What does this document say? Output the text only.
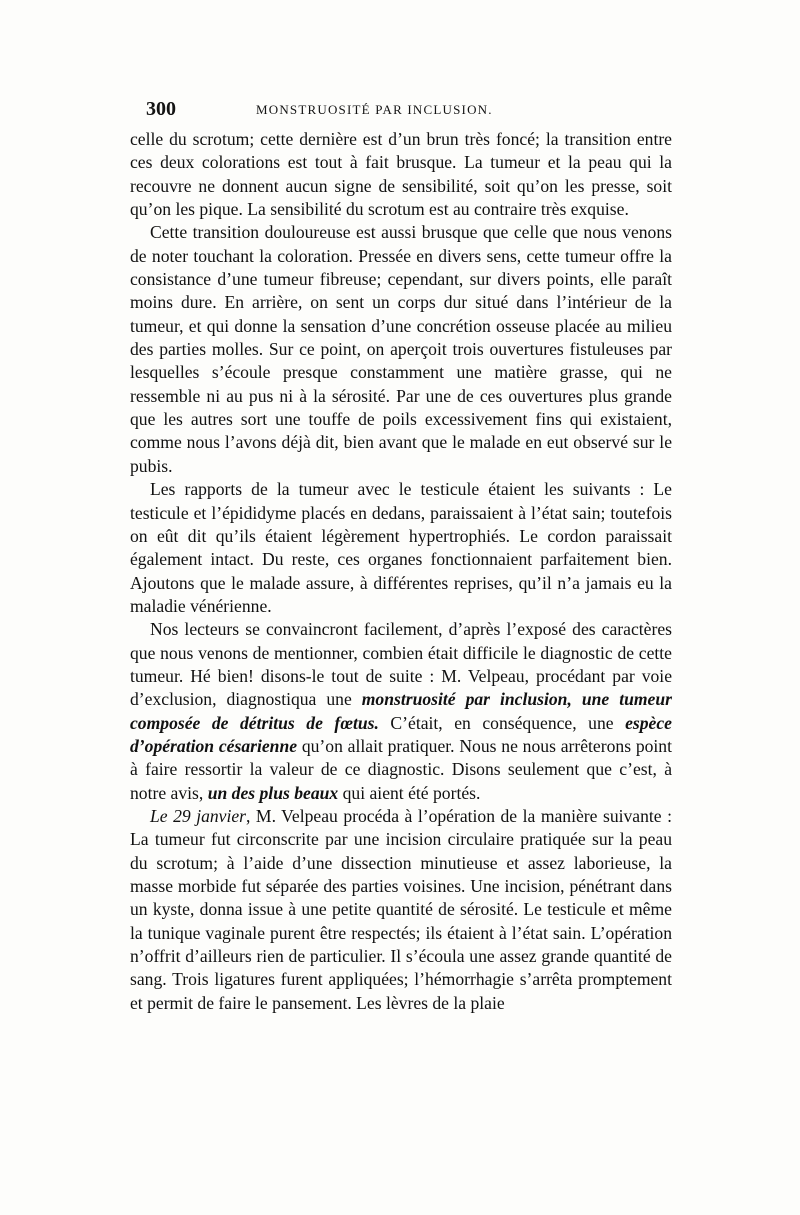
300	MONSTRUOSITÉ PAR INCLUSION.

celle du scrotum; cette dernière est d’un brun très foncé; la transition entre ces deux colorations est tout à fait brusque. La tumeur et la peau qui la recouvre ne donnent aucun signe de sensibilité, soit qu’on les presse, soit qu’on les pique. La sensibilité du scrotum est au contraire très exquise.

Cette transition douloureuse est aussi brusque que celle que nous venons de noter touchant la coloration. Pressée en divers sens, cette tumeur offre la consistance d’une tumeur fibreuse; cependant, sur divers points, elle paraît moins dure. En arrière, on sent un corps dur situé dans l’intérieur de la tumeur, et qui donne la sensation d’une concrétion osseuse placée au milieu des parties molles. Sur ce point, on aperçoit trois ouvertures fistuleuses par lesquelles s’écoule presque constamment une matière grasse, qui ne ressemble ni au pus ni à la sérosité. Par une de ces ouvertures plus grande que les autres sort une touffe de poils excessivement fins qui existaient, comme nous l’avons déjà dit, bien avant que le malade en eut observé sur le pubis.

Les rapports de la tumeur avec le testicule étaient les suivants : Le testicule et l’épididyme placés en dedans, paraissaient à l’état sain; toutefois on eût dit qu’ils étaient légèrement hypertrophiés. Le cordon paraissait également intact. Du reste, ces organes fonctionnaient parfaitement bien. Ajoutons que le malade assure, à différentes reprises, qu’il n’a jamais eu la maladie vénérienne.

Nos lecteurs se convaincront facilement, d’après l’exposé des caractères que nous venons de mentionner, combien était difficile le diagnostic de cette tumeur. Hé bien! disons-le tout de suite : M. Velpeau, procédant par voie d’exclusion, diagnostiqua une monstruosité par inclusion, une tumeur composée de détritus de fœtus. C’était, en conséquence, une espèce d’opération césarienne qu’on allait pratiquer. Nous ne nous arrêterons point à faire ressortir la valeur de ce diagnostic. Disons seulement que c’est, à notre avis, un des plus beaux qui aient été portés.

Le 29 janvier, M. Velpeau procéda à l’opération de la manière suivante : La tumeur fut circonscrite par une incision circulaire pratiquée sur la peau du scrotum; à l’aide d’une dissection minutieuse et assez laborieuse, la masse morbide fut séparée des parties voisines. Une incision, pénétrant dans un kyste, donna issue à une petite quantité de sérosité. Le testicule et même la tunique vaginale purent être respectés; ils étaient à l’état sain. L’opération n’offrit d’ailleurs rien de particulier. Il s’écoula une assez grande quantité de sang. Trois ligatures furent appliquées; l’hémorrhagie s’arrêta promptement et permit de faire le pansement. Les lèvres de la plaie
